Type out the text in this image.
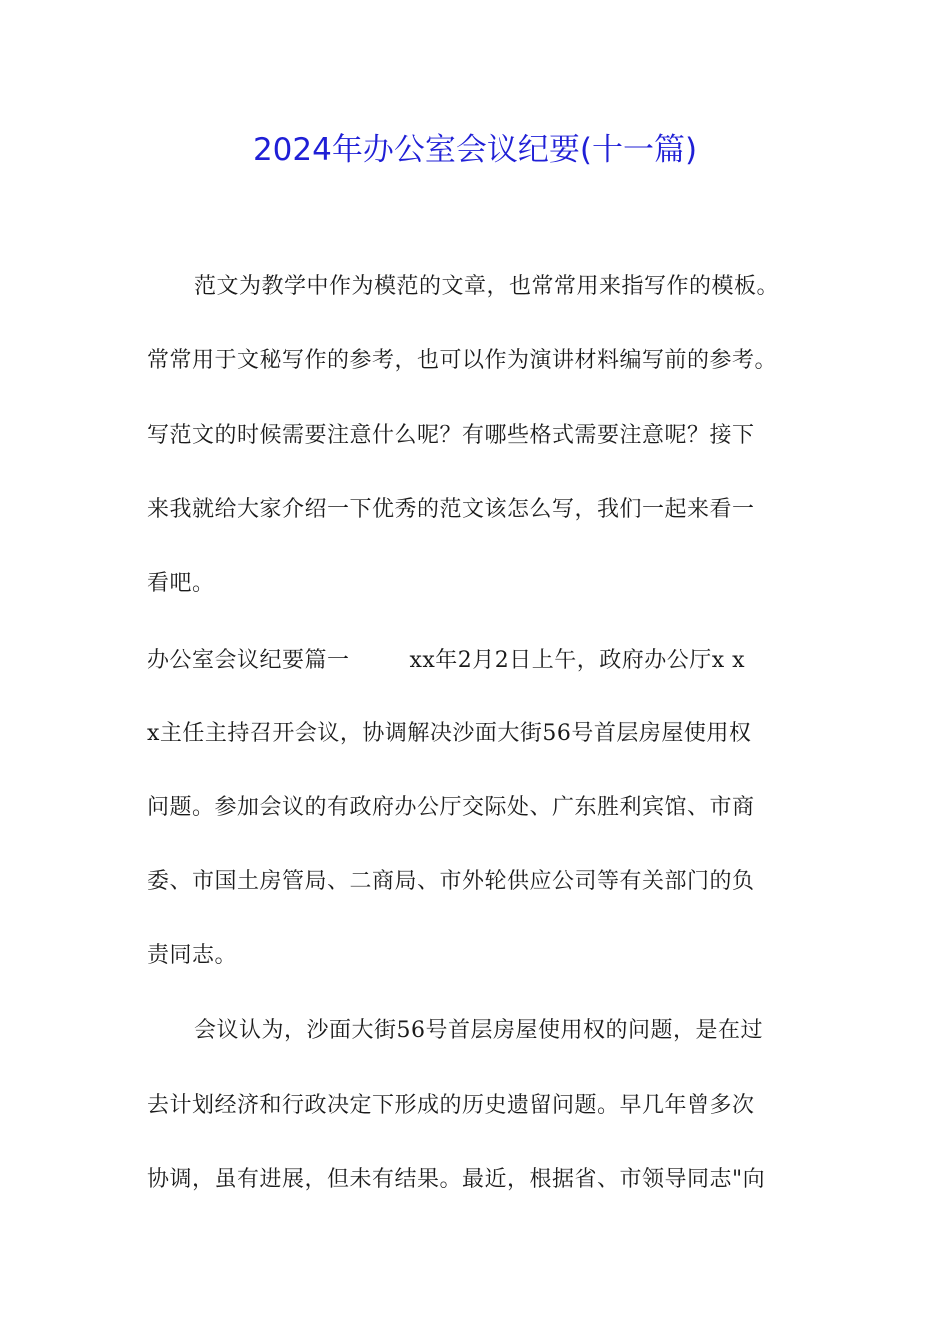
2024年办公室会议纪要(十一篇)

范文为教学中作为模范的文章，也常常用来指写作的模板。

常常用于文秘写作的参考，也可以作为演讲材料编写前的参考。

写范文的时候需要注意什么呢？有哪些格式需要注意呢？接下

来我就给大家介绍一下优秀的范文该怎么写，我们一起来看一

看吧。

办公室会议纪要篇一        xx年2月2日上午，政府办公厅x x

x主任主持召开会议，协调解决沙面大街56号首层房屋使用权

问题。参加会议的有政府办公厅交际处、广东胜利宾馆、市商

委、市国土房管局、二商局、市外轮供应公司等有关部门的负

责同志。

会议认为，沙面大街56号首层房屋使用权的问题，是在过

去计划经济和行政决定下形成的历史遗留问题。早几年曾多次

协调，虽有进展，但未有结果。最近，根据省、市领导同志"向
